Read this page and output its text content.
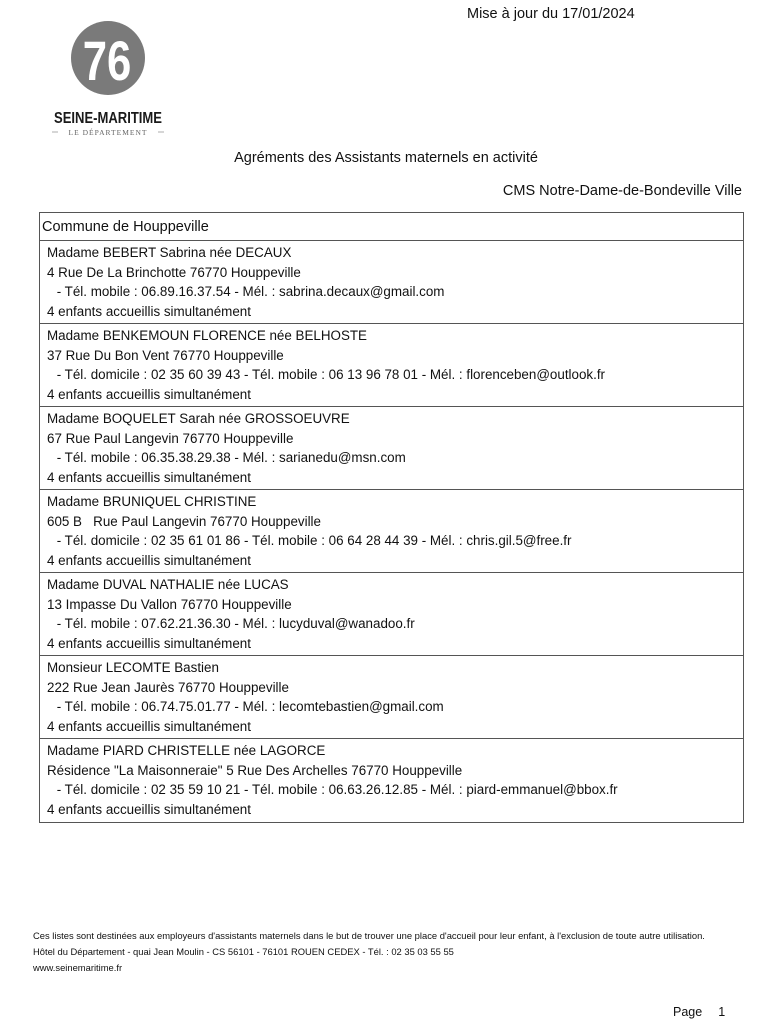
Mise à jour du 17/01/2024
76
SEINE-MARITIME
LE DÉPARTEMENT
Agréments des Assistants maternels en activité
CMS Notre-Dame-de-Bondeville Ville
Commune de Houppeville
Madame BEBERT Sabrina née DECAUX
4 Rue De La Brinchotte 76770 Houppeville
- Tél. mobile : 06.89.16.37.54 - Mél. : sabrina.decaux@gmail.com
4 enfants accueillis simultanément
Madame BENKEMOUN FLORENCE née BELHOSTE
37 Rue Du Bon Vent 76770 Houppeville
- Tél. domicile : 02 35 60 39 43 - Tél. mobile : 06 13 96 78 01 - Mél. : florenceben@outlook.fr
4 enfants accueillis simultanément
Madame BOQUELET Sarah née GROSSOEUVRE
67 Rue Paul Langevin 76770 Houppeville
- Tél. mobile : 06.35.38.29.38 - Mél. : sarianedu@msn.com
4 enfants accueillis simultanément
Madame BRUNIQUEL CHRISTINE
605 B   Rue Paul Langevin 76770 Houppeville
- Tél. domicile : 02 35 61 01 86 - Tél. mobile : 06 64 28 44 39 - Mél. : chris.gil.5@free.fr
4 enfants accueillis simultanément
Madame DUVAL NATHALIE née LUCAS
13 Impasse Du Vallon 76770 Houppeville
- Tél. mobile : 07.62.21.36.30 - Mél. : lucyduval@wanadoo.fr
4 enfants accueillis simultanément
Monsieur LECOMTE Bastien
222 Rue Jean Jaurès 76770 Houppeville
- Tél. mobile : 06.74.75.01.77 - Mél. : lecomtebastien@gmail.com
4 enfants accueillis simultanément
Madame PIARD CHRISTELLE née LAGORCE
Résidence "La Maisonneraie" 5 Rue Des Archelles 76770 Houppeville
- Tél. domicile : 02 35 59 10 21 - Tél. mobile : 06.63.26.12.85 - Mél. : piard-emmanuel@bbox.fr
4 enfants accueillis simultanément

Ces listes sont destinées aux employeurs d'assistants maternels dans le but de trouver une place d'accueil pour leur enfant, à l'exclusion de toute autre utilisation.

Hôtel du Département - quai Jean Moulin - CS 56101 - 76101 ROUEN CEDEX - Tél. : 02 35 03 55 55

www.seinemaritime.fr

Page 1
